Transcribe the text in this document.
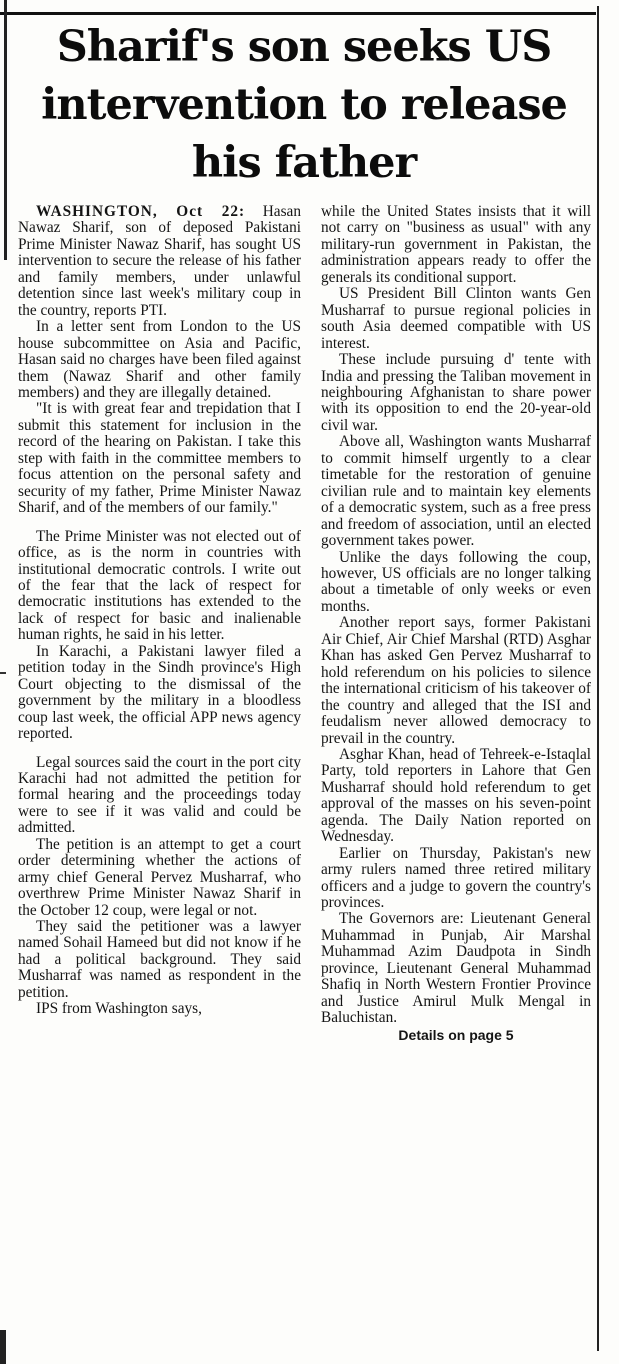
Sharif's son seeks US intervention to release his father

WASHINGTON, Oct 22: Hasan Nawaz Sharif, son of deposed Pakistani Prime Minister Nawaz Sharif, has sought US intervention to secure the release of his father and family members, under unlawful detention since last week's military coup in the country, reports PTI.

In a letter sent from London to the US house subcommittee on Asia and Pacific, Hasan said no charges have been filed against them (Nawaz Sharif and other family members) and they are illegally detained.

"It is with great fear and trepidation that I submit this statement for inclusion in the record of the hearing on Pakistan. I take this step with faith in the committee members to focus attention on the personal safety and security of my father, Prime Minister Nawaz Sharif, and of the members of our family."

The Prime Minister was not elected out of office, as is the norm in countries with institutional democratic controls. I write out of the fear that the lack of respect for democratic institutions has extended to the lack of respect for basic and inalienable human rights, he said in his letter.

In Karachi, a Pakistani lawyer filed a petition today in the Sindh province's High Court objecting to the dismissal of the government by the military in a bloodless coup last week, the official APP news agency reported.

Legal sources said the court in the port city Karachi had not admitted the petition for formal hearing and the proceedings today were to see if it was valid and could be admitted.

The petition is an attempt to get a court order determining whether the actions of army chief General Pervez Musharraf, who overthrew Prime Minister Nawaz Sharif in the October 12 coup, were legal or not.

They said the petitioner was a lawyer named Sohail Hameed but did not know if he had a political background. They said Musharraf was named as respondent in the petition.

IPS from Washington says,

while the United States insists that it will not carry on "business as usual" with any military-run government in Pakistan, the administration appears ready to offer the generals its conditional support.

US President Bill Clinton wants Gen Musharraf to pursue regional policies in south Asia deemed compatible with US interest.

These include pursuing d' tente with India and pressing the Taliban movement in neighbouring Afghanistan to share power with its opposition to end the 20-year-old civil war.

Above all, Washington wants Musharraf to commit himself urgently to a clear timetable for the restoration of genuine civilian rule and to maintain key elements of a democratic system, such as a free press and freedom of association, until an elected government takes power.

Unlike the days following the coup, however, US officials are no longer talking about a timetable of only weeks or even months.

Another report says, former Pakistani Air Chief, Air Chief Marshal (RTD) Asghar Khan has asked Gen Pervez Musharraf to hold referendum on his policies to silence the international criticism of his takeover of the country and alleged that the ISI and feudalism never allowed democracy to prevail in the country.

Asghar Khan, head of Tehreek-e-Istaqlal Party, told reporters in Lahore that Gen Musharraf should hold referendum to get approval of the masses on his seven-point agenda. The Daily Nation reported on Wednesday.

Earlier on Thursday, Pakistan's new army rulers named three retired military officers and a judge to govern the country's provinces.

The Governors are: Lieutenant General Muhammad in Punjab, Air Marshal Muhammad Azim Daudpota in Sindh province, Lieutenant General Muhammad Shafiq in North Western Frontier Province and Justice Amirul Mulk Mengal in Baluchistan.

Details on page 5
